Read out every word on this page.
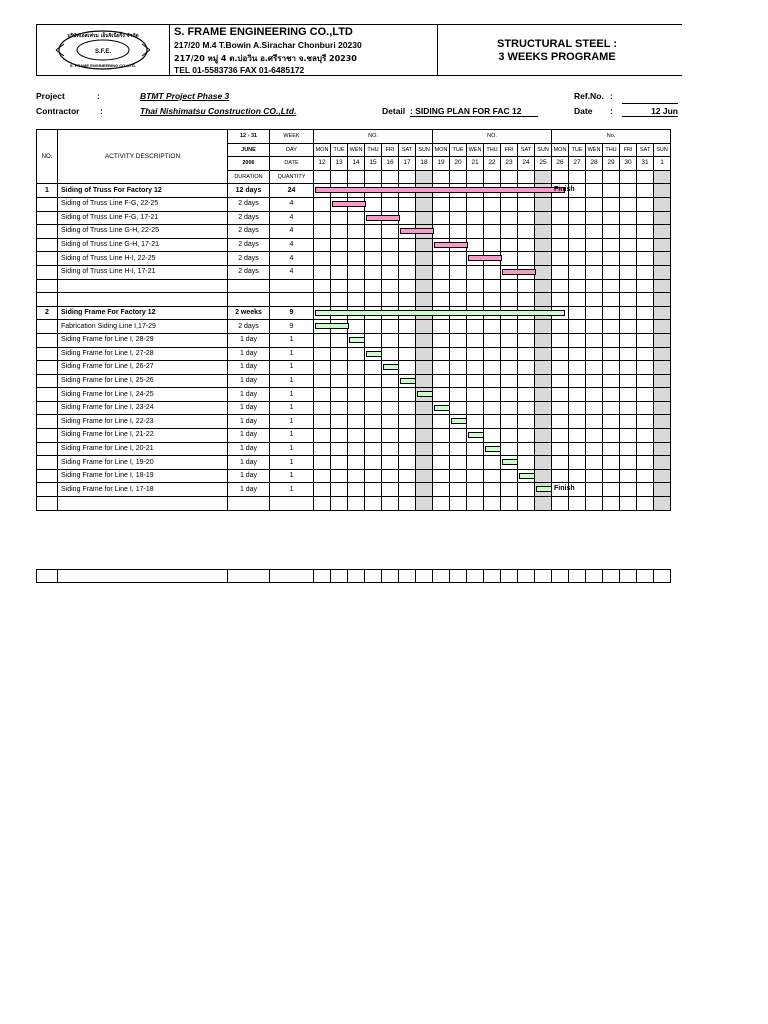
S.F.E.
บริษัทเอสเฟรม เอ็นจิเนียริ่ง จำกัด
S. FRAME ENGINEERING CO.,LTD.
S. FRAME ENGINEERING CO.,LTD
217/20 M.4 T.Bowin A.Sirachar Chonburi 20230
217/20 หมู่ 4 ต.บ่อวิน อ.ศรีราชา จ.ชลบุรี 20230
TEL 01-5583736 FAX 01-6485172
STRUCTURAL STEEL :
3 WEEKS PROGRAME
Project	:	BTMT Project Phase 3
Contractor :	Thai Nishimatsu Construction CO.,Ltd.	Detail : SIDING PLAN FOR FAC 12
Ref.No. :
Date :	12 Jun
NO.	ACTIVITY DESCRIPTION	12 - 31	WEEK	NO.							NO.							No.						
		JUNE	DAY	MON	TUE	WEN	THU	FRI	SAT	SUN	MON	TUE	WEN	THU	FRI	SAT	SUN	MON	TUE	WEN	THU	FRI	SAT	SUN
		2006	DATE	12	13	14	15	16	17	18	19	20	21	22	23	24	25	26	27	28	29	30	31	1
		DURATION	QUANTITY																					
1	Siding of Truss For Factory 12	12 days	24															Finish						

	Siding of Truss Line F-G, 22-25	2 days	4		

	Siding of Truss Line F-G, 17-21	2 days	4				

	Siding of Truss Line G-H, 22-25	2 days	4						

	Siding of Truss Line G-H, 17-21	2 days	4								

	Siding of Truss Line H-I, 22-25	2 days	4										

	Siding of Truss Line H-I, 17-21	2 days	4												

2	Siding Frame For Factory 12	2 weeks	9	

	Fabrication Siding Line I,17-29	2 days	9	

	Siding Frame for Line I, 28-29	1 day	1			

	Siding Frame for Line I, 27-28	1 day	1				

	Siding Frame for Line I, 26-27	1 day	1					

	Siding Frame for Line I, 25-26	1 day	1						

	Siding Frame for Line I, 24-25	1 day	1							

	Siding Frame for Line I, 23-24	1 day	1								

	Siding Frame for Line I, 22-23	1 day	1									

	Siding Frame for Line I, 21-22	1 day	1										

	Siding Frame for Line I, 20-21	1 day	1											

	Siding Frame for Line I, 19-20	1 day	1												

	Siding Frame for Line I, 18-19	1 day	1													

	Siding Frame for Line I, 17-18	1 day	1															Finish						
